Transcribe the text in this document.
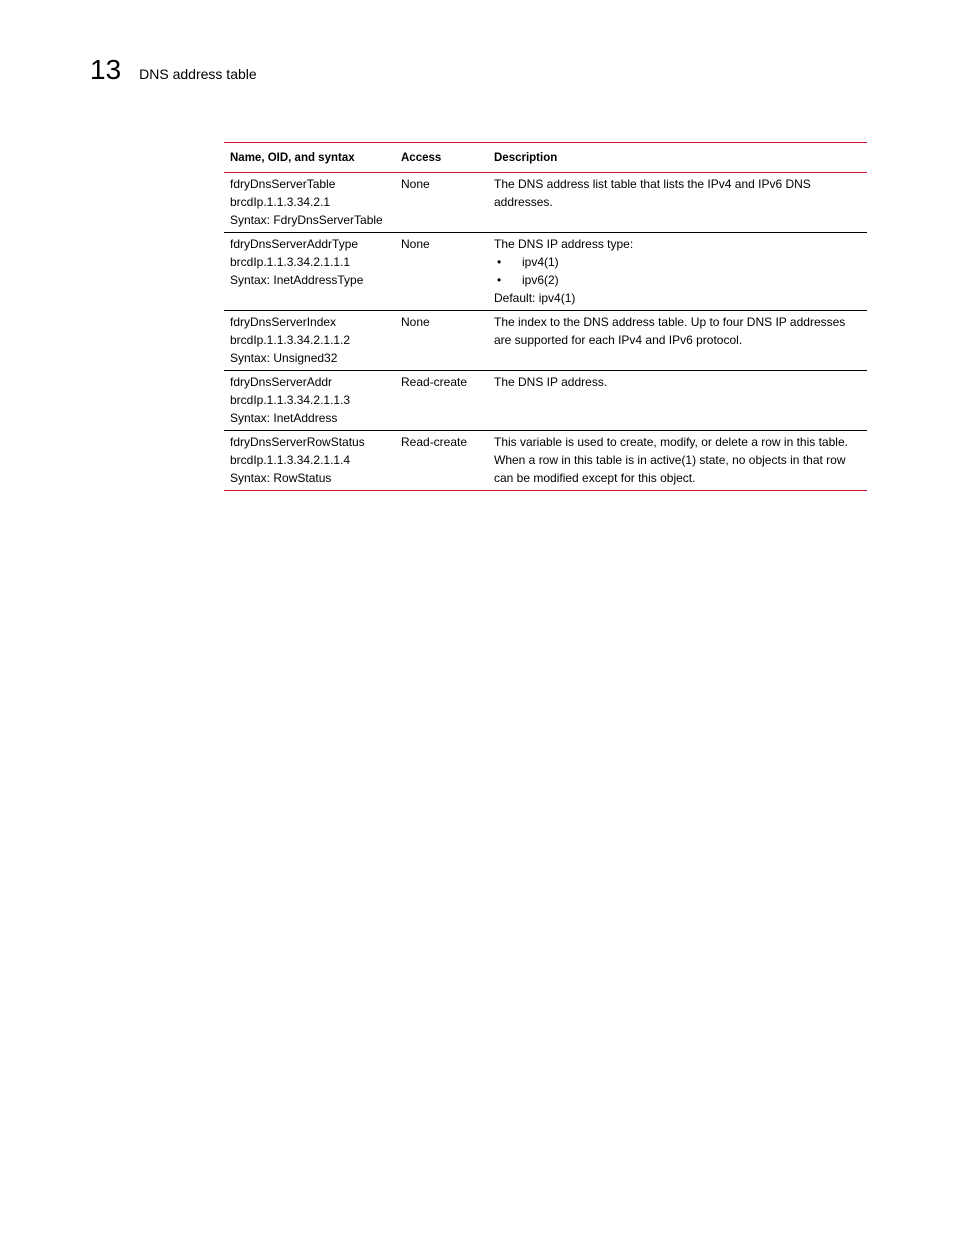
13 DNS address table
Name, OID, and syntax	Access	Description
fdryDnsServerTable
brcdIp.1.1.3.34.2.1
Syntax: FdryDnsServerTable
None	The DNS address list table that lists the IPv4 and IPv6 DNS addresses.
fdryDnsServerAddrType
brcdIp.1.1.3.34.2.1.1.1
Syntax: InetAddressType
None	The DNS IP address type:
•	ipv4(1)
•	ipv6(2)
Default: ipv4(1)
fdryDnsServerIndex
brcdIp.1.1.3.34.2.1.1.2
Syntax: Unsigned32
None	The index to the DNS address table. Up to four DNS IP addresses are supported for each IPv4 and IPv6 protocol.
fdryDnsServerAddr
brcdIp.1.1.3.34.2.1.1.3
Syntax: InetAddress
Read-create	The DNS IP address.
fdryDnsServerRowStatus
brcdIp.1.1.3.34.2.1.1.4
Syntax: RowStatus
Read-create	This variable is used to create, modify, or delete a row in this table. When a row in this table is in active(1) state, no objects in that row can be modified except for this object.
